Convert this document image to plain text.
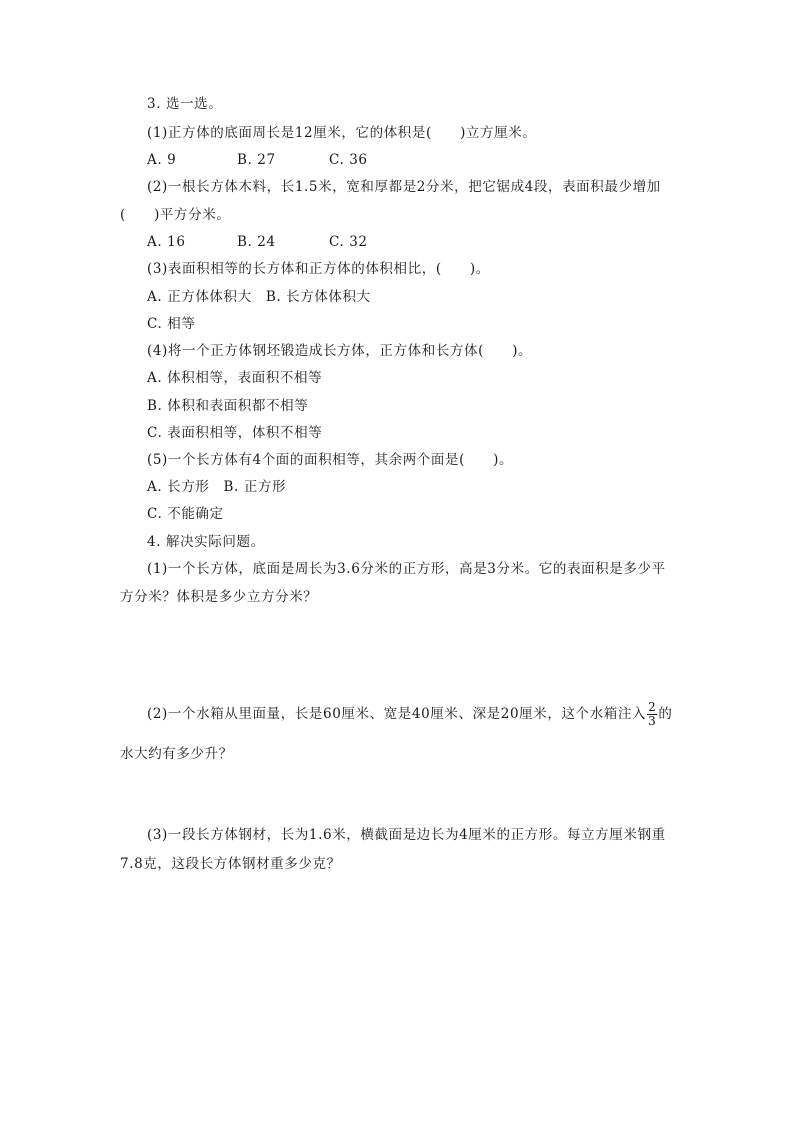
3. 选一选。
(1)正方体的底面周长是12厘米，它的体积是(　　)立方厘米。
A. 9	B. 27	C. 36
(2)一根长方体木料，长1.5米，宽和厚都是2分米，把它锯成4段，表面积最少增加
(　　)平方分米。
A. 16	B. 24	C. 32
(3)表面积相等的长方体和正方体的体积相比，(　　)。
A. 正方体体积大　B. 长方体体积大
C. 相等
(4)将一个正方体钢坯锻造成长方体，正方体和长方体(　　)。
A. 体积相等，表面积不相等
B. 体积和表面积都不相等
C. 表面积相等，体积不相等
(5)一个长方体有4个面的面积相等，其余两个面是(　　)。
A. 长方形　B. 正方形
C. 不能确定
4. 解决实际问题。
(1)一个长方体，底面是周长为3.6分米的正方形，高是3分米。它的表面积是多少平
方分米？体积是多少立方分米？
(2)一个水箱从里面量，长是60厘米、宽是40厘米、深是20厘米，这个水箱注入 $\frac{2}{3}$ 的
水大约有多少升？
(3)一段长方体钢材，长为1.6米，横截面是边长为4厘米的正方形。每立方厘米钢重
7.8克，这段长方体钢材重多少克？
